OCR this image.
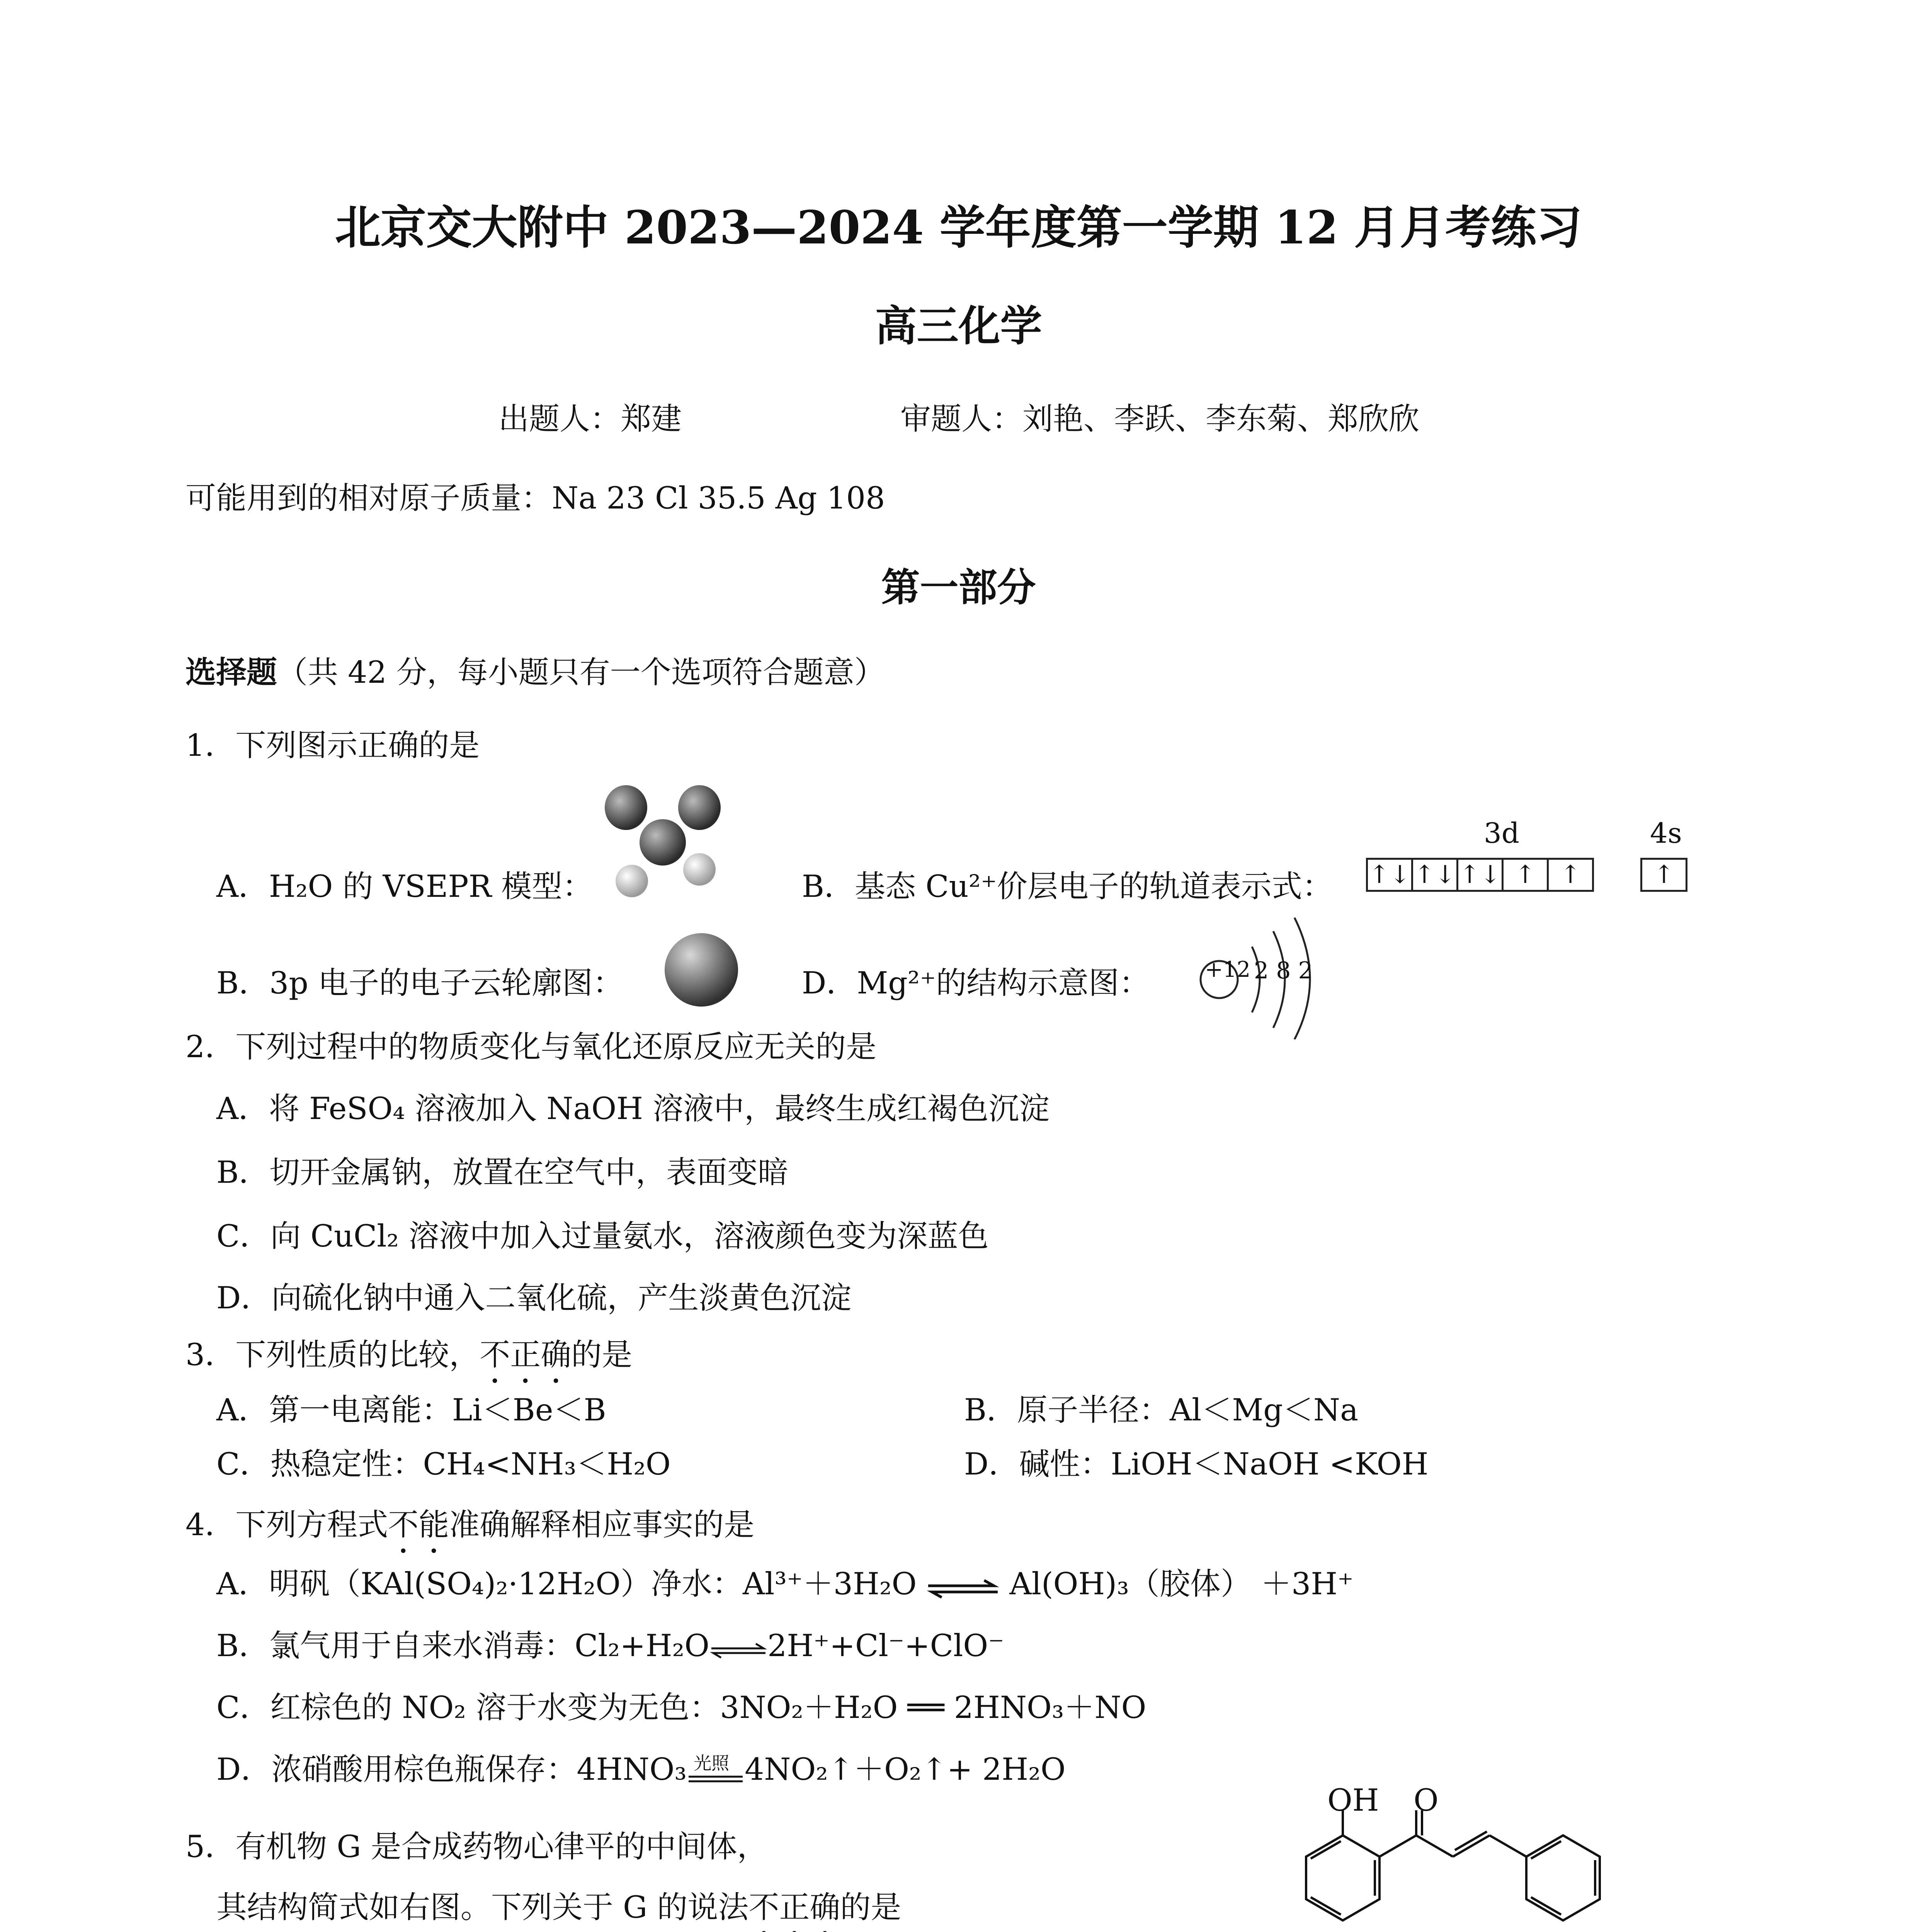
北京交大附中 2023—2024 学年度第一学期 12 月月考练习
高三化学
出题人：郑建	审题人：刘艳、李跃、李东菊、郑欣欣
可能用到的相对原子质量：Na 23 Cl 35.5 Ag 108
第一部分
选择题（共 42 分，每小题只有一个选项符合题意）
1．下列图示正确的是
A．H₂O 的 VSEPR 模型：	B．基态 Cu²⁺价层电子的轨道表示式：
3d	4s
↑↓ ↑↓ ↑↓ ↑ ↑	↑
B．3p 电子的电子云轮廓图：	D．Mg²⁺的结构示意图：	+12 2 8 2
2．下列过程中的物质变化与氧化还原反应无关的是
A．将 FeSO₄ 溶液加入 NaOH 溶液中，最终生成红褐色沉淀
B．切开金属钠，放置在空气中，表面变暗
C．向 CuCl₂ 溶液中加入过量氨水，溶液颜色变为深蓝色
D．向硫化钠中通入二氧化硫，产生淡黄色沉淀
3．下列性质的比较，不正确的是
A．第一电离能：Li＜Be＜B	B．原子半径：Al＜Mg＜Na
C．热稳定性：CH₄<NH₃＜H₂O	D．碱性：LiOH＜NaOH <KOH
4．下列方程式不能准确解释相应事实的是
A．明矾（KAl(SO₄)₂·12H₂O）净水：Al³⁺＋3H₂O ⇌ Al(OH)₃（胶体） ＋3H⁺
B．氯气用于自来水消毒：Cl₂+H₂O⇌2H⁺+Cl⁻+ClO⁻
C．红棕色的 NO₂ 溶于水变为无色：3NO₂＋H₂O ══ 2HNO₃＋NO
D．浓硝酸用棕色瓶保存：4HNO₃ 光照 4NO₂↑＋O₂↑+ 2H₂O
5．有机物 G 是合成药物心律平的中间体，
其结构简式如右图。下列关于 G 的说法不正确的是
OH O
